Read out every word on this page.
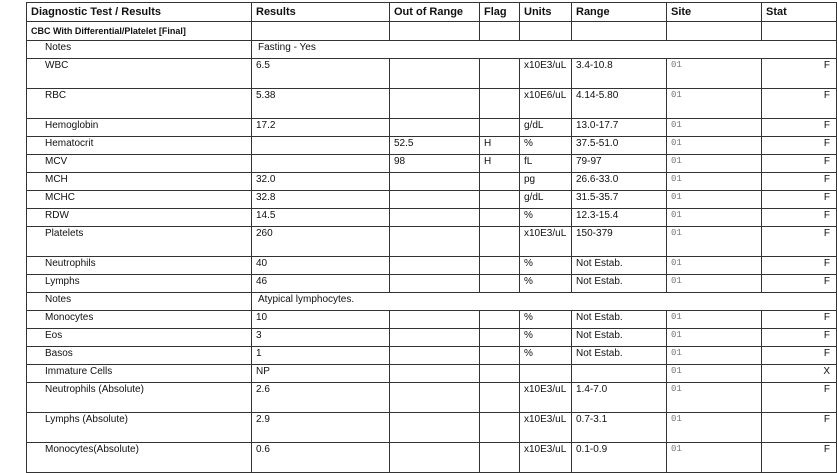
Diagnostic Test / Results	Results	Out of Range	Flag	Units	Range	Site	Stat
CBC With Differential/Platelet [Final]							
Notes	Fasting - Yes						
WBC	6.5			x10E3/uL	3.4-10.8	01	F
RBC	5.38			x10E6/uL	4.14-5.80	01	F
Hemoglobin	17.2			g/dL	13.0-17.7	01	F
Hematocrit		52.5	H	%	37.5-51.0	01	F
MCV		98	H	fL	79-97	01	F
MCH	32.0			pg	26.6-33.0	01	F
MCHC	32.8			g/dL	31.5-35.7	01	F
RDW	14.5			%	12.3-15.4	01	F
Platelets	260			x10E3/uL	150-379	01	F
Neutrophils	40			%	Not Estab.	01	F
Lymphs	46			%	Not Estab.	01	F
Notes	Atypical lymphocytes.						
Monocytes	10			%	Not Estab.	01	F
Eos	3			%	Not Estab.	01	F
Basos	1			%	Not Estab.	01	F
Immature Cells	NP					01	X
Neutrophils (Absolute)	2.6			x10E3/uL	1.4-7.0	01	F
Lymphs (Absolute)	2.9			x10E3/uL	0.7-3.1	01	F
Monocytes(Absolute)	0.6			x10E3/uL	0.1-0.9	01	F
